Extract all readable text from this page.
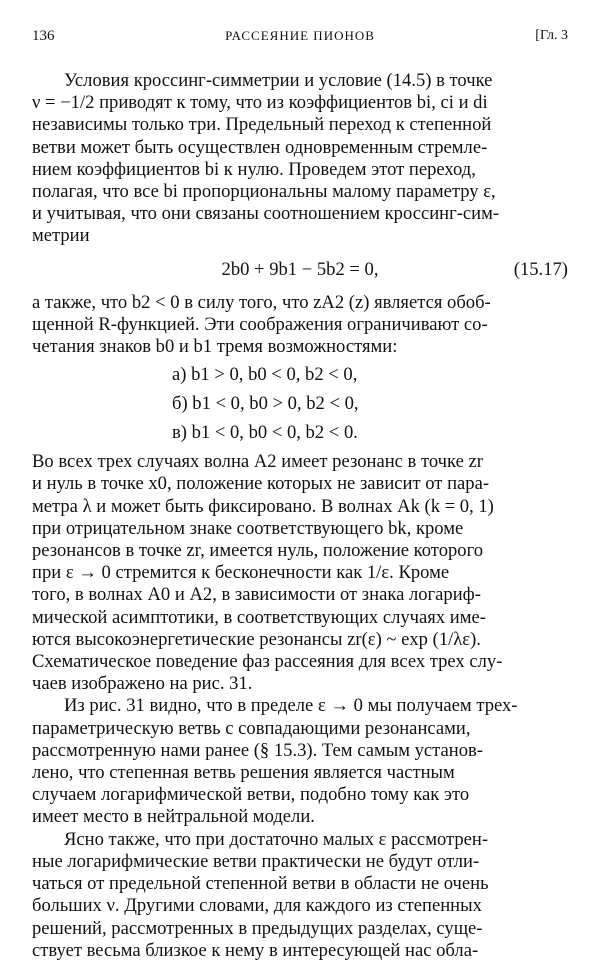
136	РАССЕЯНИЕ ПИОНОВ	[Гл. 3

Условия кроссинг-симметрии и условие (14.5) в точке

ν = −1/2 приводят к тому, что из коэффициентов bi, ci и di

независимы только три. Предельный переход к степенной

ветви может быть осуществлен одновременным стремле-

нием коэффициентов bi к нулю. Проведем этот переход,

полагая, что все bi пропорциональны малому параметру ε,

и учитывая, что они связаны соотношением кроссинг-сим-

метрии

2b0 + 9b1 − 5b2 = 0,	(15.17)

а также, что b2 < 0 в силу того, что zA2 (z) является обоб-

щенной R-функцией. Эти соображения ограничивают со-

четания знаков b0 и b1 тремя возможностями:

а) b1 > 0, b0 < 0, b2 < 0,
б) b1 < 0, b0 > 0, b2 < 0,
в) b1 < 0, b0 < 0, b2 < 0.

Во всех трех случаях волна A2 имеет резонанс в точке zr

и нуль в точке x0, положение которых не зависит от пара-

метра λ и может быть фиксировано. В волнах Ak (k = 0, 1)

при отрицательном знаке соответствующего bk, кроме

резонансов в точке zr, имеется нуль, положение которого

при ε → 0 стремится к бесконечности как 1/ε. Кроме

того, в волнах A0 и A2, в зависимости от знака логариф-

мической асимптотики, в соответствующих случаях име-

ются высокоэнергетические резонансы zr(ε) ~ exp (1/λε).

Схематическое поведение фаз рассеяния для всех трех слу-

чаев изображено на рис. 31.

Из рис. 31 видно, что в пределе ε → 0 мы получаем трех-

параметрическую ветвь с совпадающими резонансами,

рассмотренную нами ранее (§ 15.3). Тем самым установ-

лено, что степенная ветвь решения является частным

случаем логарифмической ветви, подобно тому как это

имеет место в нейтральной модели.

Ясно также, что при достаточно малых ε рассмотрен-

ные логарифмические ветви практически не будут отли-

чаться от предельной степенной ветви в области не очень

больших ν. Другими словами, для каждого из степенных

решений, рассмотренных в предыдущих разделах, суще-

ствует весьма близкое к нему в интересующей нас обла-
